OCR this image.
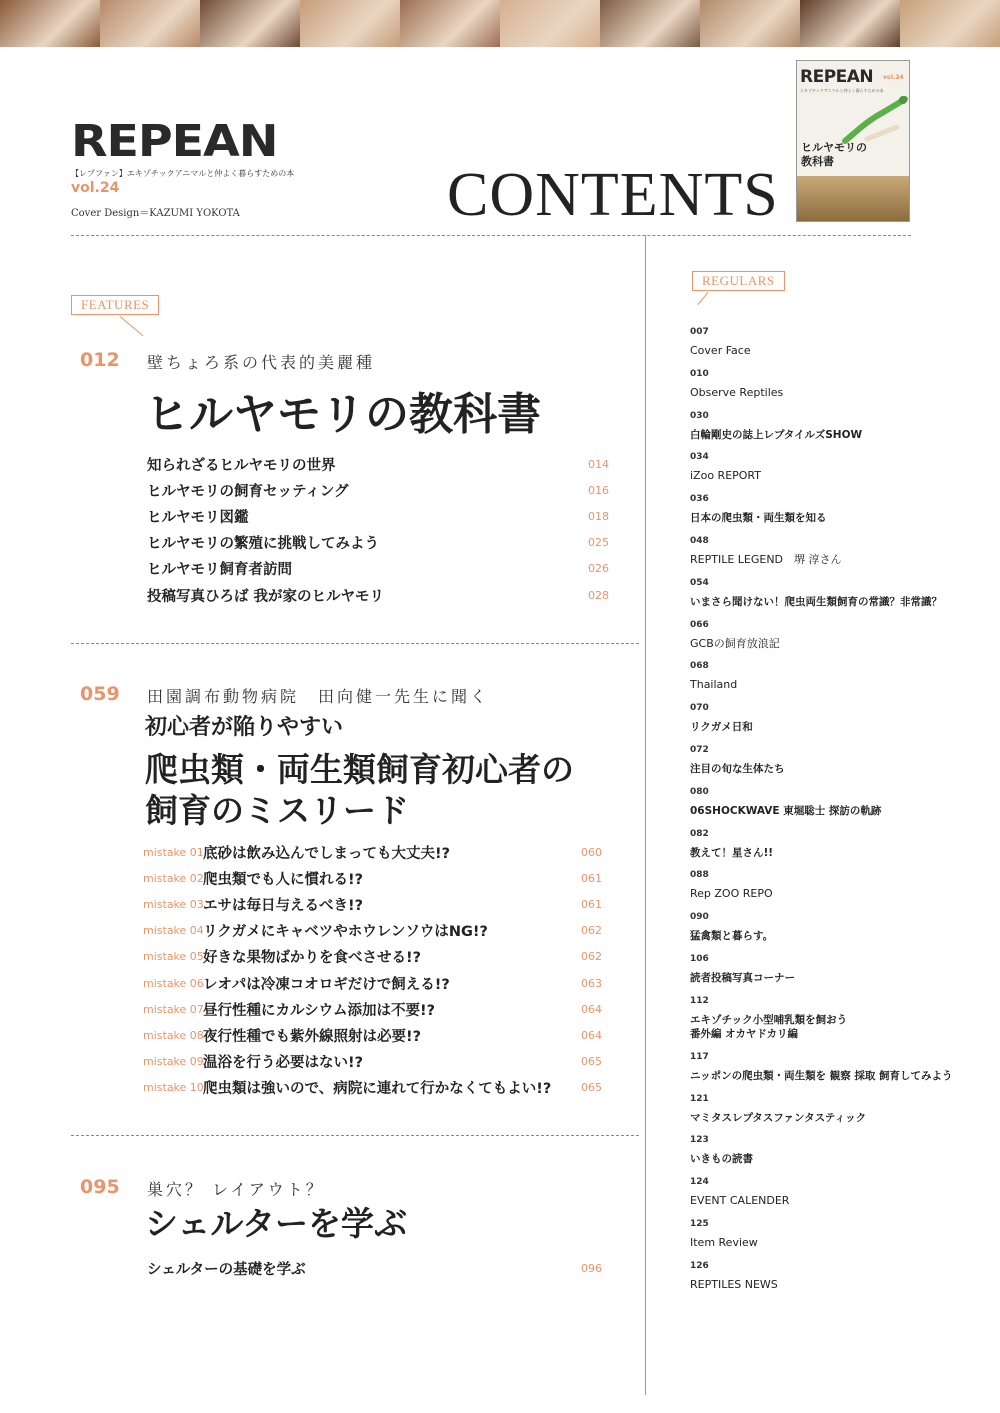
REPEAN
【レプファン】エキゾチックアニマルと仲よく暮らすための本
vol.24
Cover Design＝KAZUMI YOKOTA	CONTENTS
REPEAN vol.24
エキゾチックアニマルと仲よく暮らすための本
ヒルヤモリの
教科書
FEATURES
REGULARS
012 壁ちょろ系の代表的美麗種
ヒルヤモリの教科書
知られざるヒルヤモリの世界	014
ヒルヤモリの飼育セッティング	016
ヒルヤモリ図鑑	018
ヒルヤモリの繁殖に挑戦してみよう	025
ヒルヤモリ飼育者訪問	026
投稿写真ひろば 我が家のヒルヤモリ	028
059 田園調布動物病院　田向健一先生に聞く
初心者が陥りやすい
爬虫類・両生類飼育初心者の
飼育のミスリード
mistake 01 底砂は飲み込んでしまっても大丈夫!?	060
mistake 02 爬虫類でも人に慣れる!?	061
mistake 03 エサは毎日与えるべき!?	061
mistake 04 リクガメにキャベツやホウレンソウはNG!?	062
mistake 05 好きな果物ばかりを食べさせる!?	062
mistake 06 レオパは冷凍コオロギだけで飼える!?	063
mistake 07 昼行性種にカルシウム添加は不要!?	064
mistake 08 夜行性種でも紫外線照射は必要!?	064
mistake 09 温浴を行う必要はない!?	065
mistake 10 爬虫類は強いので、病院に連れて行かなくてもよい!?	065
095 巣穴？ レイアウト？
シェルターを学ぶ
シェルターの基礎を学ぶ	096
007
Cover Face
010
Observe Reptiles
030
白輪剛史の誌上レプタイルズSHOW
034
iZoo REPORT
036
日本の爬虫類・両生類を知る
048
REPTILE LEGEND　堺 淳さん
054
いまさら聞けない！爬虫両生類飼育の常識？非常識？
066
GCBの飼育放浪記
068
Thailand
070
リクガメ日和
072
注目の旬な生体たち
080
06SHOCKWAVE 東堀聡士 探訪の軌跡
082
教えて！星さん!!
088
Rep ZOO REPO
090
猛禽類と暮らす。
106
読者投稿写真コーナー
112
エキゾチック小型哺乳類を飼おう
番外編 オカヤドカリ編
117
ニッポンの爬虫類・両生類を 観察 採取 飼育してみよう
121
マミタスレプタスファンタスティック
123
いきもの読書
124
EVENT CALENDER
125
Item Review
126
REPTILES NEWS
